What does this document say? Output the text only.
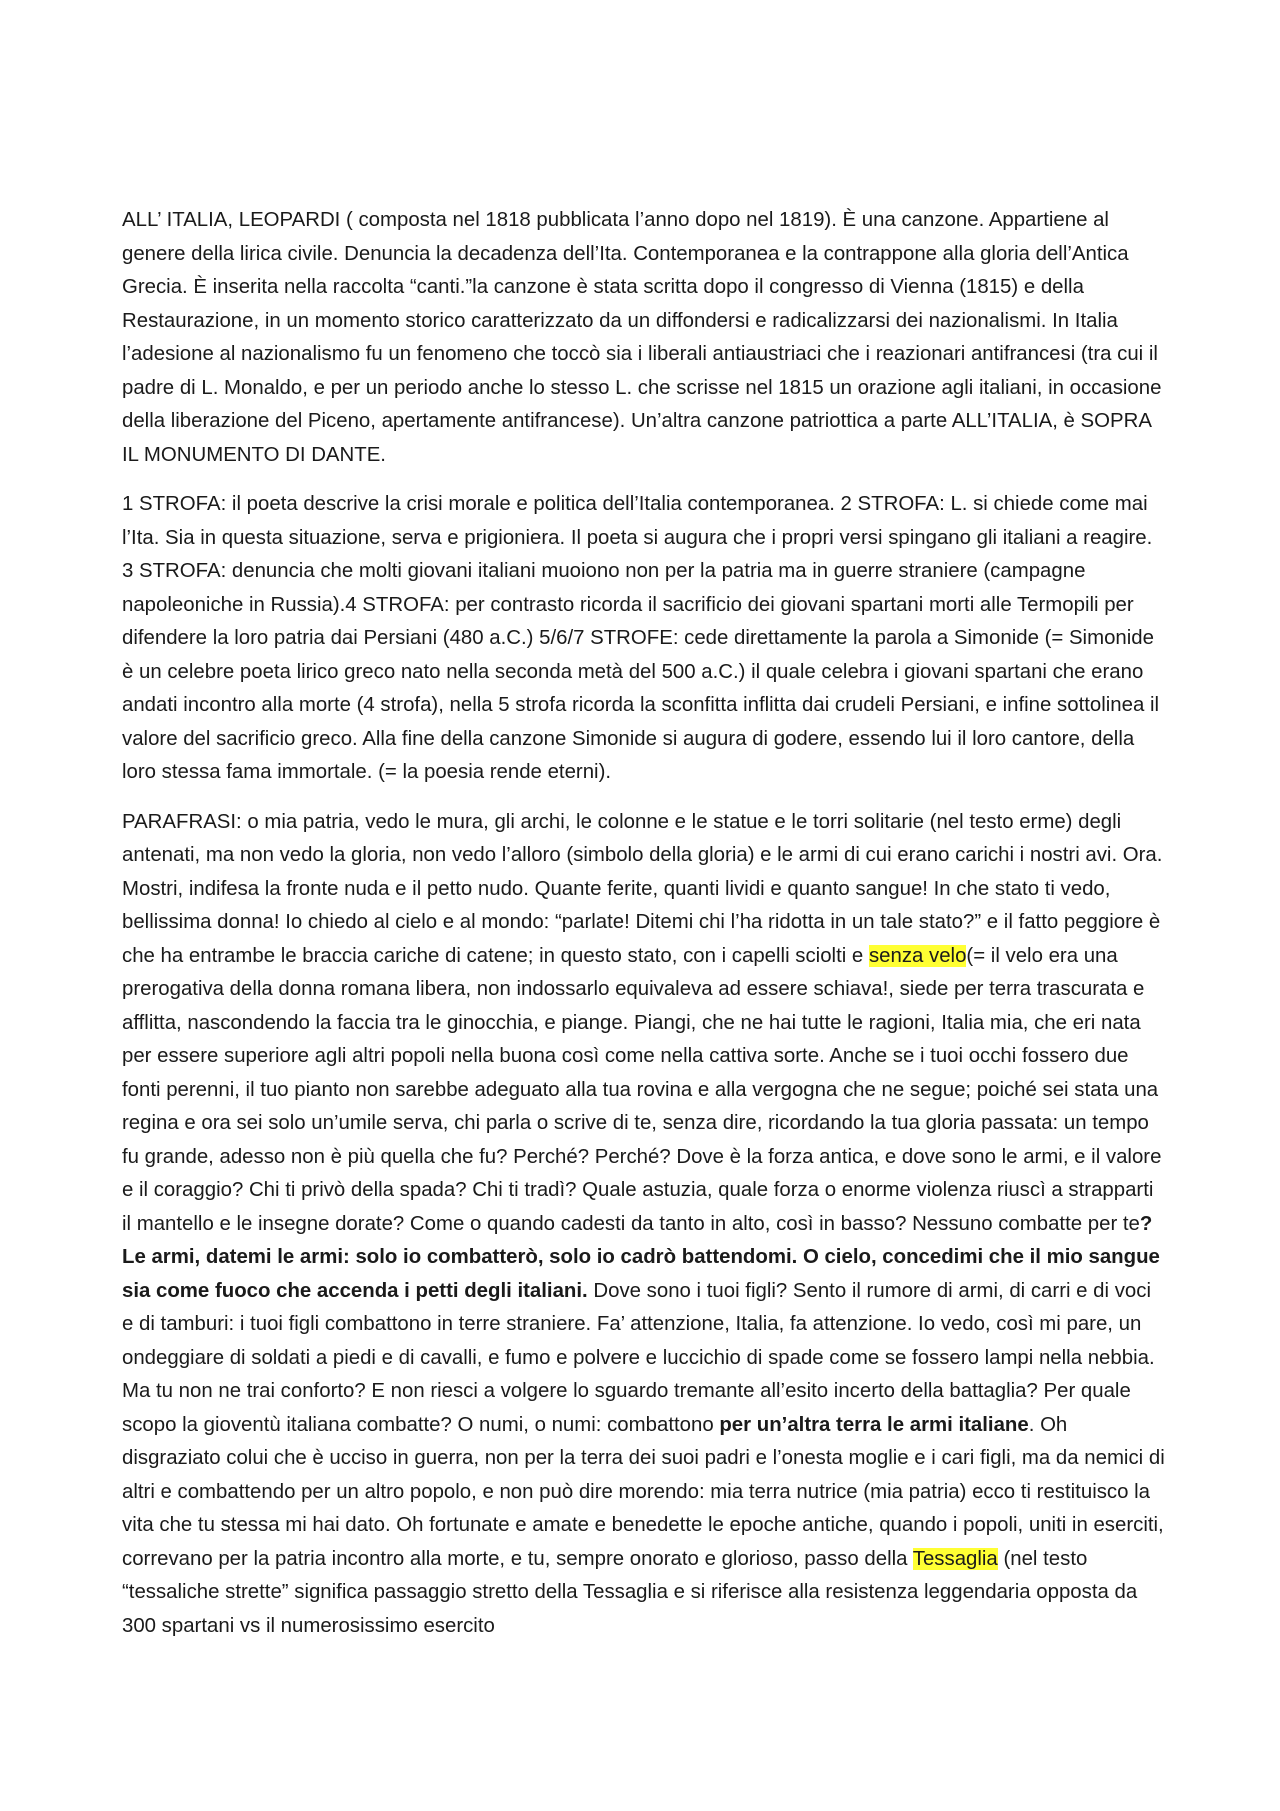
ALL’ ITALIA, LEOPARDI ( composta nel 1818 pubblicata l’anno dopo nel 1819). È una canzone. Appartiene al genere della lirica civile. Denuncia la decadenza dell’Ita. Contemporanea e la contrappone alla gloria dell’Antica Grecia. È inserita nella raccolta “canti.”la canzone è stata scritta dopo il congresso di Vienna (1815) e della Restaurazione, in un momento storico caratterizzato da un diffondersi e radicalizzarsi dei nazionalismi. In Italia l’adesione al nazionalismo fu un fenomeno che toccò sia i liberali antiaustriaci che i reazionari antifrancesi (tra cui il padre di L. Monaldo, e per un periodo anche lo stesso L. che scrisse nel 1815 un orazione agli italiani, in occasione della liberazione del Piceno, apertamente antifrancese). Un’altra canzone patriottica a parte ALL’ITALIA, è SOPRA IL MONUMENTO DI DANTE.

1 STROFA: il poeta descrive la crisi morale e politica dell’Italia contemporanea. 2 STROFA: L. si chiede come mai l’Ita. Sia in questa situazione, serva e prigioniera. Il poeta si augura che i propri versi spingano gli italiani a reagire. 3 STROFA: denuncia che molti giovani italiani muoiono non per la patria ma in guerre straniere (campagne napoleoniche in Russia).4 STROFA: per contrasto ricorda il sacrificio dei giovani spartani morti alle Termopili per difendere la loro patria dai Persiani (480 a.C.) 5/6/7 STROFE: cede direttamente la parola a Simonide (= Simonide è un celebre poeta lirico greco nato nella seconda metà del 500 a.C.) il quale celebra i giovani spartani che erano andati incontro alla morte (4 strofa), nella 5 strofa ricorda la sconfitta inflitta dai crudeli Persiani, e infine sottolinea il valore del sacrificio greco. Alla fine della canzone Simonide si augura di godere, essendo lui il loro cantore, della loro stessa fama immortale. (= la poesia rende eterni).

PARAFRASI: o mia patria, vedo le mura, gli archi, le colonne e le statue e le torri solitarie (nel testo erme) degli antenati, ma non vedo la gloria, non vedo l’alloro (simbolo della gloria) e le armi di cui erano carichi i nostri avi. Ora. Mostri, indifesa la fronte nuda e il petto nudo. Quante ferite, quanti lividi e quanto sangue! In che stato ti vedo, bellissima donna! Io chiedo al cielo e al mondo: “parlate! Ditemi chi l’ha ridotta in un tale stato?” e il fatto peggiore è che ha entrambe le braccia cariche di catene; in questo stato, con i capelli sciolti e senza velo(= il velo era una prerogativa della donna romana libera, non indossarlo equivaleva ad essere schiava!, siede per terra trascurata e afflitta, nascondendo la faccia tra le ginocchia, e piange. Piangi, che ne hai tutte le ragioni, Italia mia, che eri nata per essere superiore agli altri popoli nella buona così come nella cattiva sorte. Anche se i tuoi occhi fossero due fonti perenni, il tuo pianto non sarebbe adeguato alla tua rovina e alla vergogna che ne segue; poiché sei stata una regina e ora sei solo un’umile serva, chi parla o scrive di te, senza dire, ricordando la tua gloria passata: un tempo fu grande, adesso non è più quella che fu? Perché? Perché? Dove è la forza antica, e dove sono le armi, e il valore e il coraggio? Chi ti privò della spada? Chi ti tradì? Quale astuzia, quale forza o enorme violenza riuscì a strapparti il mantello e le insegne dorate? Come o quando cadesti da tanto in alto, così in basso? Nessuno combatte per te? Le armi, datemi le armi: solo io combatterò, solo io cadrò battendomi. O cielo, concedimi che il mio sangue sia come fuoco che accenda i petti degli italiani. Dove sono i tuoi figli? Sento il rumore di armi, di carri e di voci e di tamburi: i tuoi figli combattono in terre straniere. Fa’ attenzione, Italia, fa attenzione. Io vedo, così mi pare, un ondeggiare di soldati a piedi e di cavalli, e fumo e polvere e luccichio di spade come se fossero lampi nella nebbia. Ma tu non ne trai conforto? E non riesci a volgere lo sguardo tremante all’esito incerto della battaglia? Per quale scopo la gioventù italiana combatte? O numi, o numi: combattono per un’altra terra le armi italiane. Oh disgraziato colui che è ucciso in guerra, non per la terra dei suoi padri e l’onesta moglie e i cari figli, ma da nemici di altri e combattendo per un altro popolo, e non può dire morendo: mia terra nutrice (mia patria) ecco ti restituisco la vita che tu stessa mi hai dato. Oh fortunate e amate e benedette le epoche antiche, quando i popoli, uniti in eserciti, correvano per la patria incontro alla morte, e tu, sempre onorato e glorioso, passo della Tessaglia (nel testo “tessaliche strette” significa passaggio stretto della Tessaglia e si riferisce alla resistenza leggendaria opposta da 300 spartani vs il numerosissimo esercito
